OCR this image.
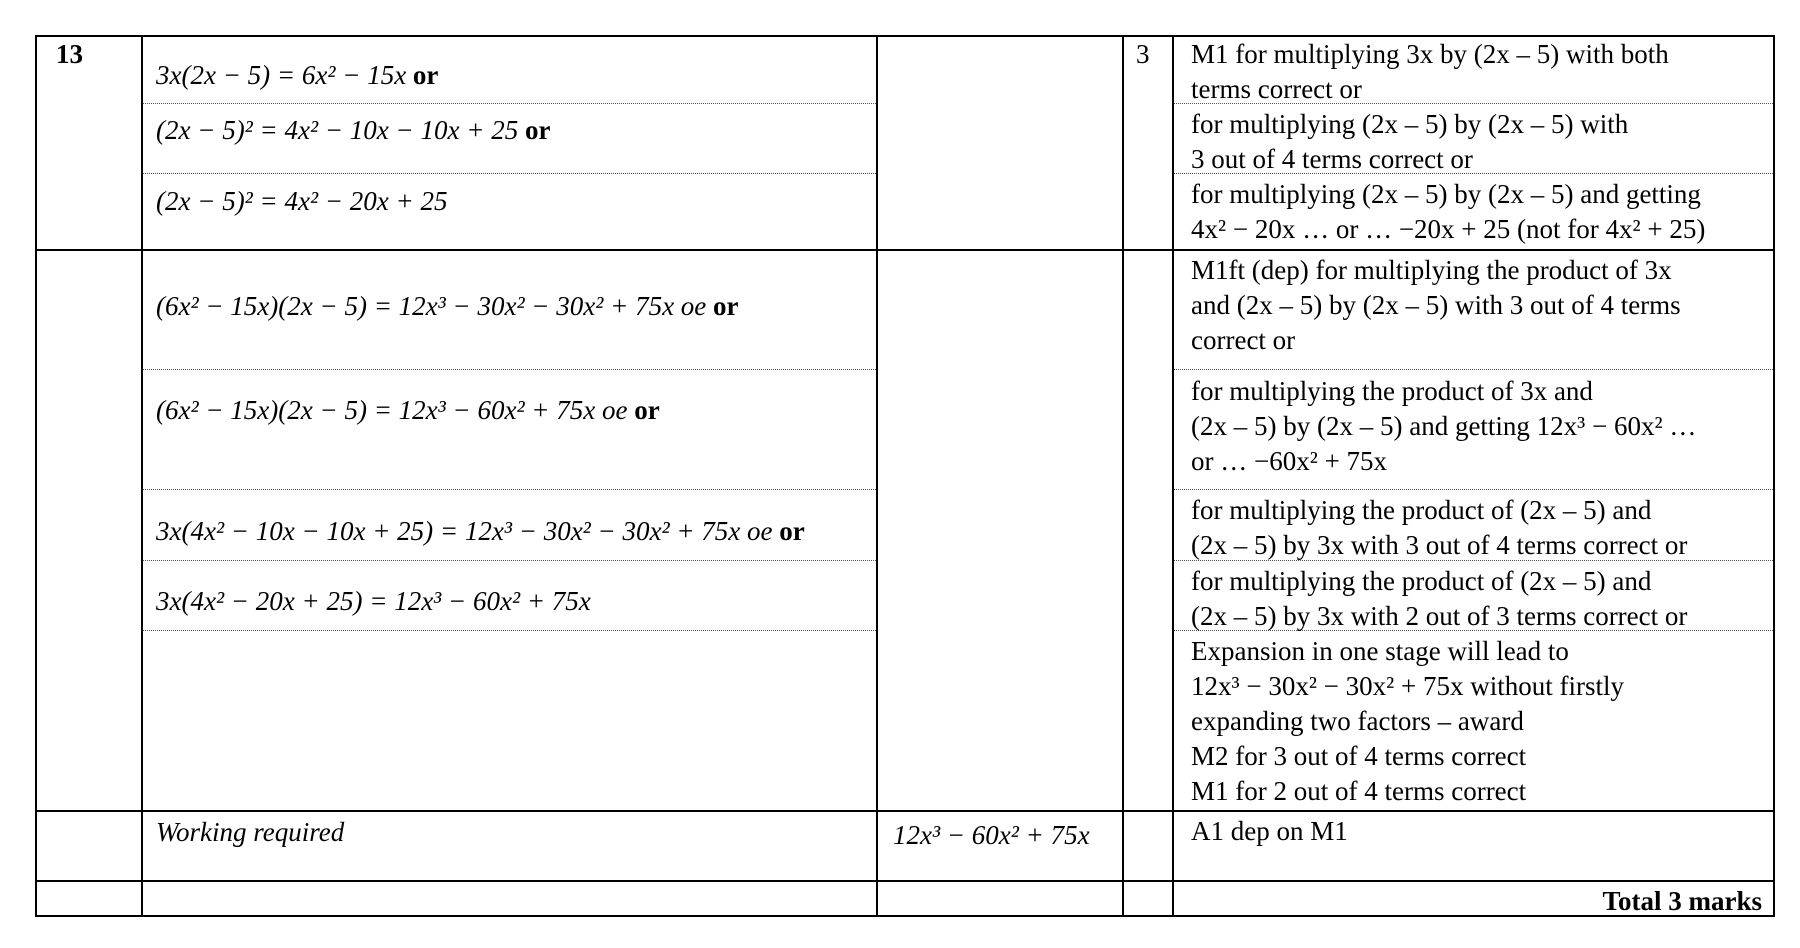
13	3
3x(2x − 5) = 6x² − 15x or
(2x − 5)² = 4x² − 10x − 10x + 25 or
(2x − 5)² = 4x² − 20x + 25
(6x² − 15x)(2x − 5) = 12x³ − 30x² − 30x² + 75x oe or
(6x² − 15x)(2x − 5) = 12x³ − 60x² + 75x oe or
3x(4x² − 10x − 10x + 25) = 12x³ − 30x² − 30x² + 75x oe or
3x(4x² − 20x + 25) = 12x³ − 60x² + 75x
Working required	12x³ − 60x² + 75x
M1 for multiplying 3x by (2x – 5) with both
terms correct or
for multiplying (2x – 5) by (2x – 5) with
3 out of 4 terms correct or
for multiplying (2x – 5) by (2x – 5) and getting
4x² − 20x … or … −20x + 25 (not for 4x² + 25)
M1ft (dep) for multiplying the product of 3x
and (2x – 5) by (2x – 5) with 3 out of 4 terms
correct or
for multiplying the product of 3x and
(2x – 5) by (2x – 5) and getting 12x³ − 60x² …
or … −60x² + 75x
for multiplying the product of (2x – 5) and
(2x – 5) by 3x with 3 out of 4 terms correct or
for multiplying the product of (2x – 5) and
(2x – 5) by 3x with 2 out of 3 terms correct or
Expansion in one stage will lead to
12x³ − 30x² − 30x² + 75x without firstly
expanding two factors – award
M2 for 3 out of 4 terms correct
M1 for 2 out of 4 terms correct
A1 dep on M1
Total 3 marks
